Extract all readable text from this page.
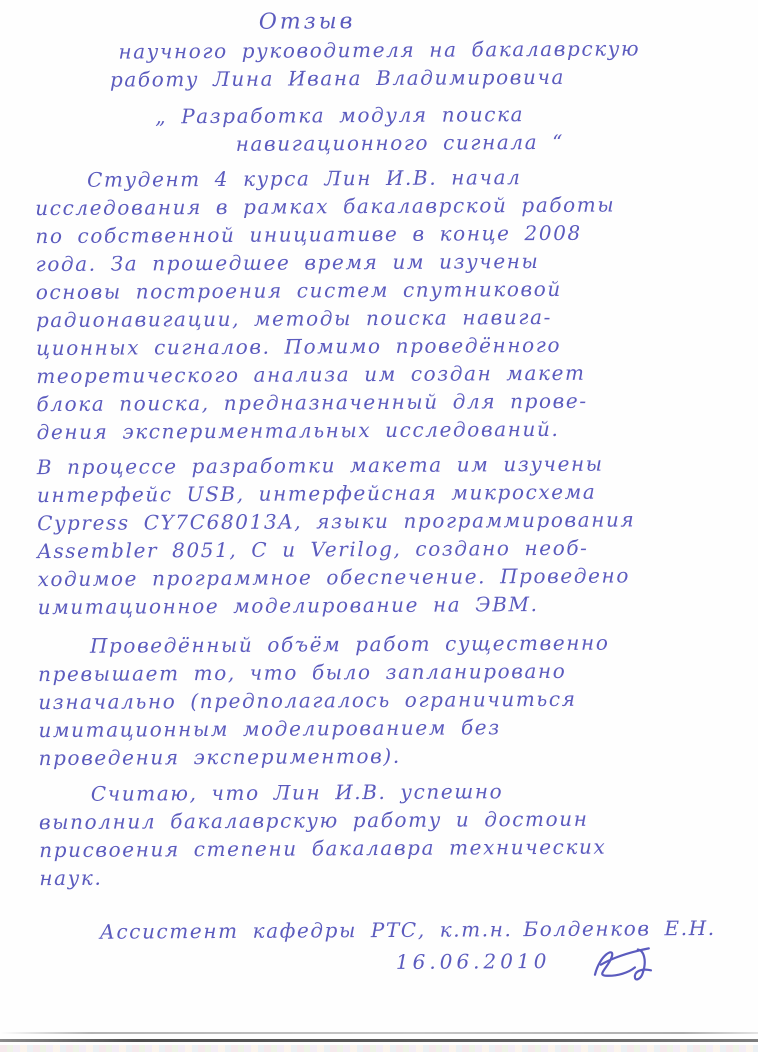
Отзыв
научного руководителя на бакалаврскую
работу Лина Ивана Владимировича
„ Разработка модуля поиска
навигационного сигнала “
Студент 4 курса Лин И.В. начал
исследования в рамках бакалаврской работы
по собственной инициативе в конце 2008
года. За прошедшее время им изучены
основы построения систем спутниковой
радионавигации, методы поиска навига-
ционных сигналов. Помимо проведённого
теоретического анализа им создан макет
блока поиска, предназначенный для прове-
дения экспериментальных исследований.
В процессе разработки макета им изучены
интерфейс USB, интерфейсная микросхема
Cypress CY7C68013A, языки программирования
Assembler 8051, C и Verilog, создано необ-
ходимое программное обеспечение. Проведено
имитационное моделирование на ЭВМ.
Проведённый объём работ существенно
превышает то, что было запланировано
изначально (предполагалось ограничиться
имитационным моделированием без
проведения экспериментов).
Считаю, что Лин И.В. успешно
выполнил бакалаврскую работу и достоин
присвоения степени бакалавра технических
наук.
Ассистент кафедры РТС, к.т.н. Болденков Е.Н.
16.06.2010
